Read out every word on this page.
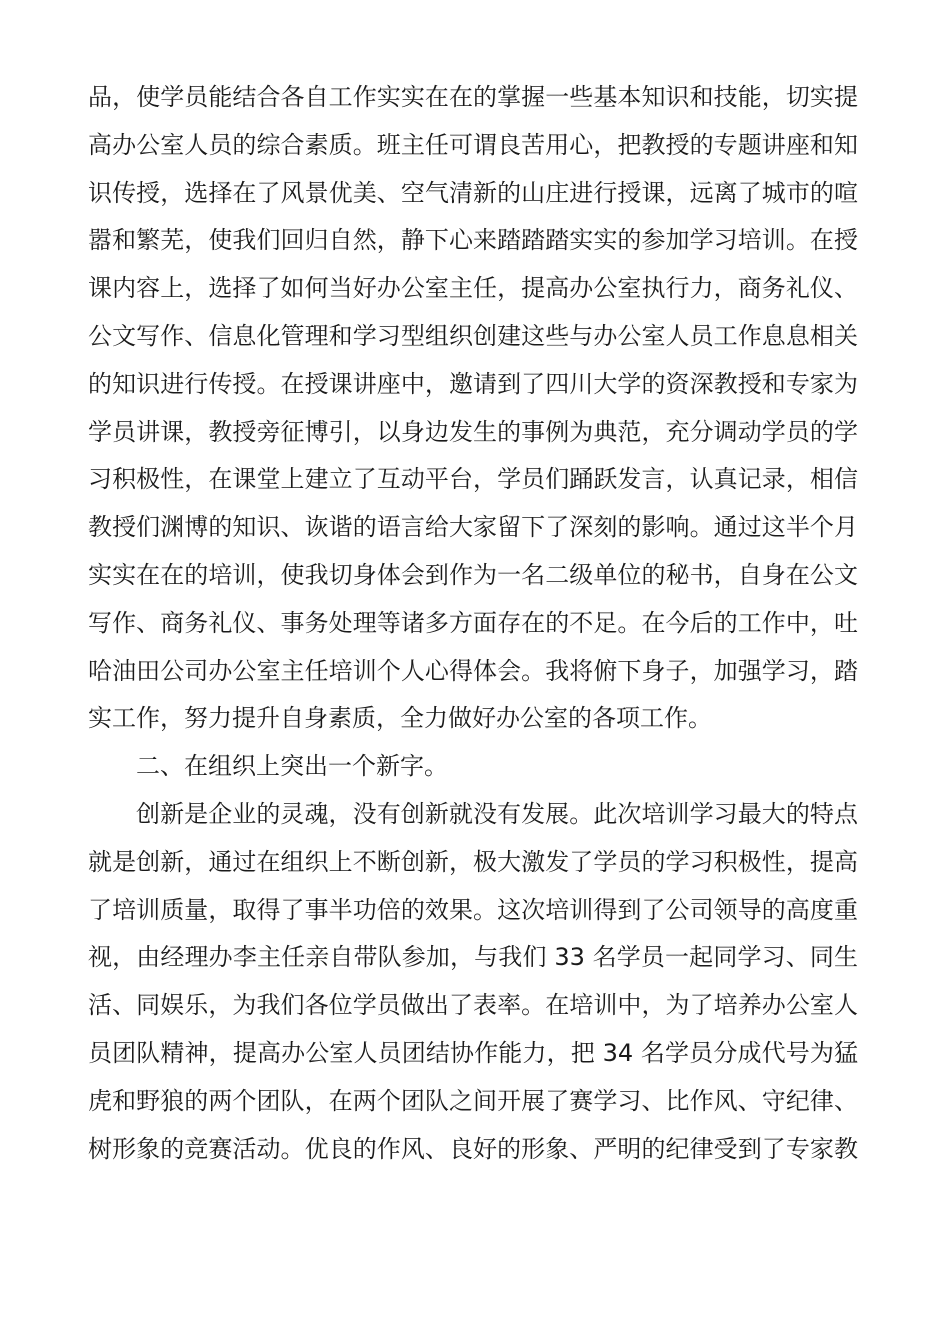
品，使学员能结合各自工作实实在在的掌握一些基本知识和技能，切实提
高办公室人员的综合素质。班主任可谓良苦用心，把教授的专题讲座和知
识传授，选择在了风景优美、空气清新的山庄进行授课，远离了城市的喧
嚣和繁芜，使我们回归自然，静下心来踏踏踏实实的参加学习培训。在授
课内容上，选择了如何当好办公室主任，提高办公室执行力，商务礼仪、
公文写作、信息化管理和学习型组织创建这些与办公室人员工作息息相关
的知识进行传授。在授课讲座中，邀请到了四川大学的资深教授和专家为
学员讲课，教授旁征博引，以身边发生的事例为典范，充分调动学员的学
习积极性，在课堂上建立了互动平台，学员们踊跃发言，认真记录，相信
教授们渊博的知识、诙谐的语言给大家留下了深刻的影响。通过这半个月
实实在在的培训，使我切身体会到作为一名二级单位的秘书，自身在公文
写作、商务礼仪、事务处理等诸多方面存在的不足。在今后的工作中，吐
哈油田公司办公室主任培训个人心得体会。我将俯下身子，加强学习，踏
实工作，努力提升自身素质，全力做好办公室的各项工作。
二、在组织上突出一个新字。
创新是企业的灵魂，没有创新就没有发展。此次培训学习最大的特点
就是创新，通过在组织上不断创新，极大激发了学员的学习积极性，提高
了培训质量，取得了事半功倍的效果。这次培训得到了公司领导的高度重
视，由经理办李主任亲自带队参加，与我们 33 名学员一起同学习、同生
活、同娱乐，为我们各位学员做出了表率。在培训中，为了培养办公室人
员团队精神，提高办公室人员团结协作能力，把 34 名学员分成代号为猛
虎和野狼的两个团队，在两个团队之间开展了赛学习、比作风、守纪律、
树形象的竞赛活动。优良的作风、良好的形象、严明的纪律受到了专家教
